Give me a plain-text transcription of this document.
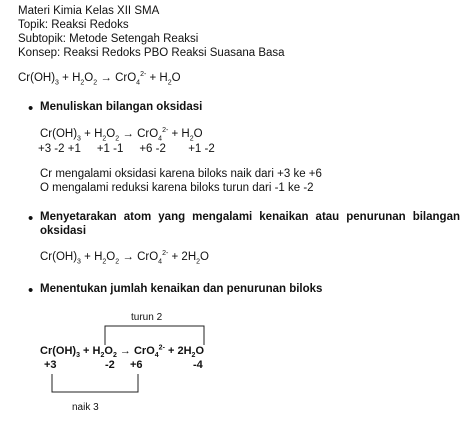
Materi Kimia Kelas XII SMA
Topik: Reaksi Redoks
Subtopik: Metode Setengah Reaksi
Konsep: Reaksi Redoks PBO Reaksi Suasana Basa
$Cr(OH)_3 + H_2O_2 \to CrO_4^{2-} + H_2O$
• Menuliskan bilangan oksidasi
$Cr(OH)_3 + H_2O_2 \to CrO_4^{2-} + H_2O$
+3 -2 +1     +1 -1     +6 -2       +1 -2
Cr mengalami oksidasi karena biloks naik dari +3 ke +6
O mengalami reduksi karena biloks turun dari -1 ke -2
• Menyetarakan atom yang mengalami kenaikan atau penurunan bilangan
oksidasi
$Cr(OH)_3 + H_2O_2 \to CrO_4^{2-} + 2H_2O$
• Menentukan jumlah kenaikan dan penurunan biloks
turun 2
naik 3
$Cr(OH)_3 + H_2O_2 \to CrO_4^{2-} + 2H_2O$
+3	-2 +6	-4
